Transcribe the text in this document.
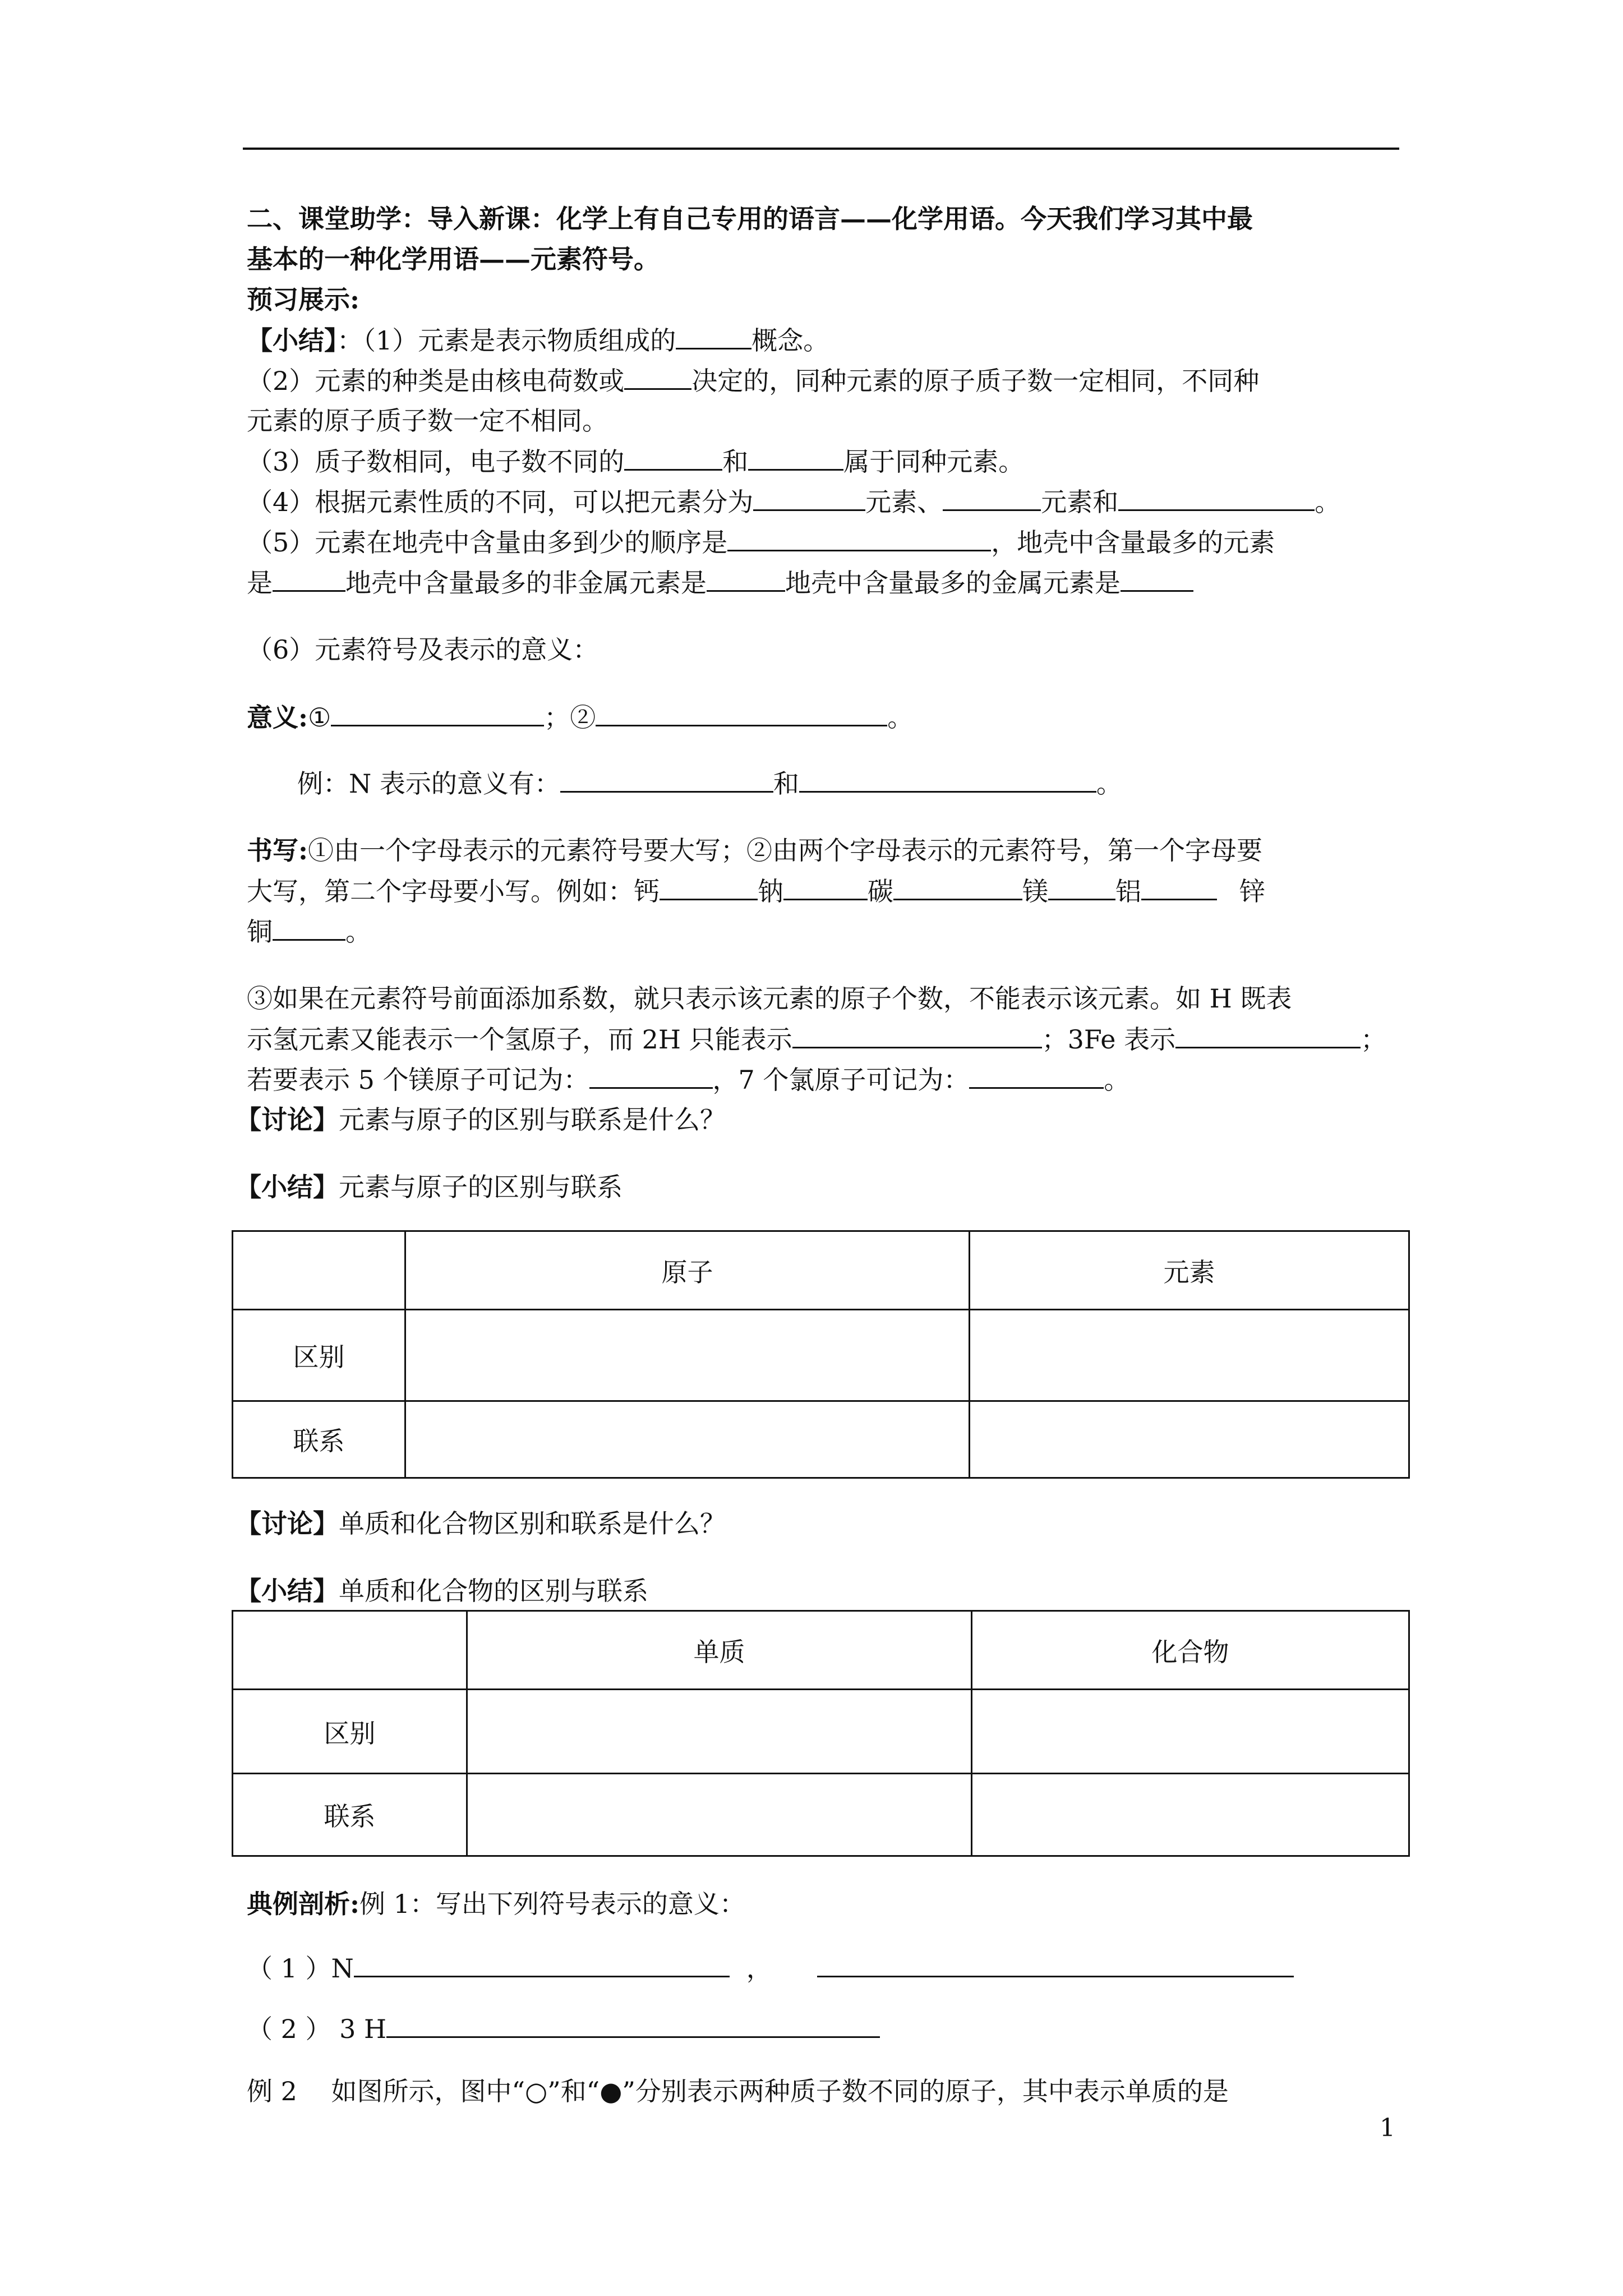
二、课堂助学：导入新课：化学上有自己专用的语言——化学用语。今天我们学习其中最
基本的一种化学用语——元素符号。
预习展示:
【小结】：（1）元素是表示物质组成的	概念。
（2）元素的种类是由核电荷数或	决定的，同种元素的原子质子数一定相同，不同种
元素的原子质子数一定不相同。
（3）质子数相同，电子数不同的	和	属于同种元素。
（4）根据元素性质的不同，可以把元素分为	元素、	元素和	。
（5）元素在地壳中含量由多到少的顺序是	，地壳中含量最多的元素
是	地壳中含量最多的非金属元素是	地壳中含量最多的金属元素是
（6）元素符号及表示的意义：
意义:①	；②	。
例：N 表示的意义有：	和	。
书写:①由一个字母表示的元素符号要大写；②由两个字母表示的元素符号，第一个字母要
大写，第二个字母要小写。例如：钙	钠	碳	镁	铝	锌
铜	。
③如果在元素符号前面添加系数，就只表示该元素的原子个数，不能表示该元素。如 H 既表
示氢元素又能表示一个氢原子，而 2H 只能表示	；3Fe 表示	；
若要表示 5 个镁原子可记为：	，7 个氯原子可记为：	。
【讨论】元素与原子的区别与联系是什么？
【小结】元素与原子的区别与联系
	原子	元素
区别		
联系		
【讨论】单质和化合物区别和联系是什么？
【小结】单质和化合物的区别与联系
	单质	化合物
区别		
联系		
典例剖析:例 1：写出下列符号表示的意义：
（ 1 ）N	，
（ 2 ） 3 H
例 2　 如图所示，图中“○”和“●”分别表示两种质子数不同的原子，其中表示单质的是
1
